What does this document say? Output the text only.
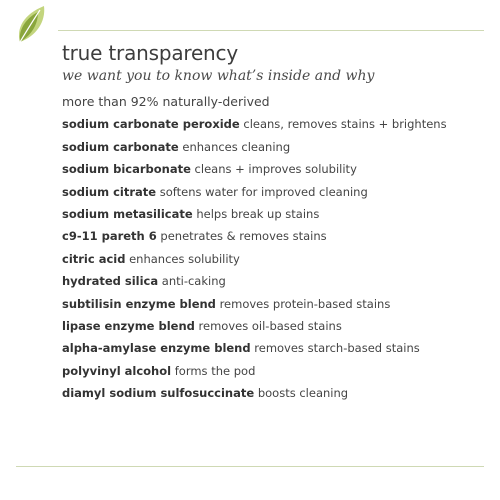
true transparency

we want you to know what’s inside and why

more than 92% naturally-derived

sodium carbonate peroxide cleans, removes stains + brightens
sodium carbonate enhances cleaning
sodium bicarbonate cleans + improves solubility
sodium citrate softens water for improved cleaning
sodium metasilicate helps break up stains
c9-11 pareth 6 penetrates & removes stains
citric acid enhances solubility
hydrated silica anti-caking
subtilisin enzyme blend removes protein-based stains
lipase enzyme blend removes oil-based stains
alpha-amylase enzyme blend removes starch-based stains
polyvinyl alcohol forms the pod
diamyl sodium sulfosuccinate boosts cleaning
